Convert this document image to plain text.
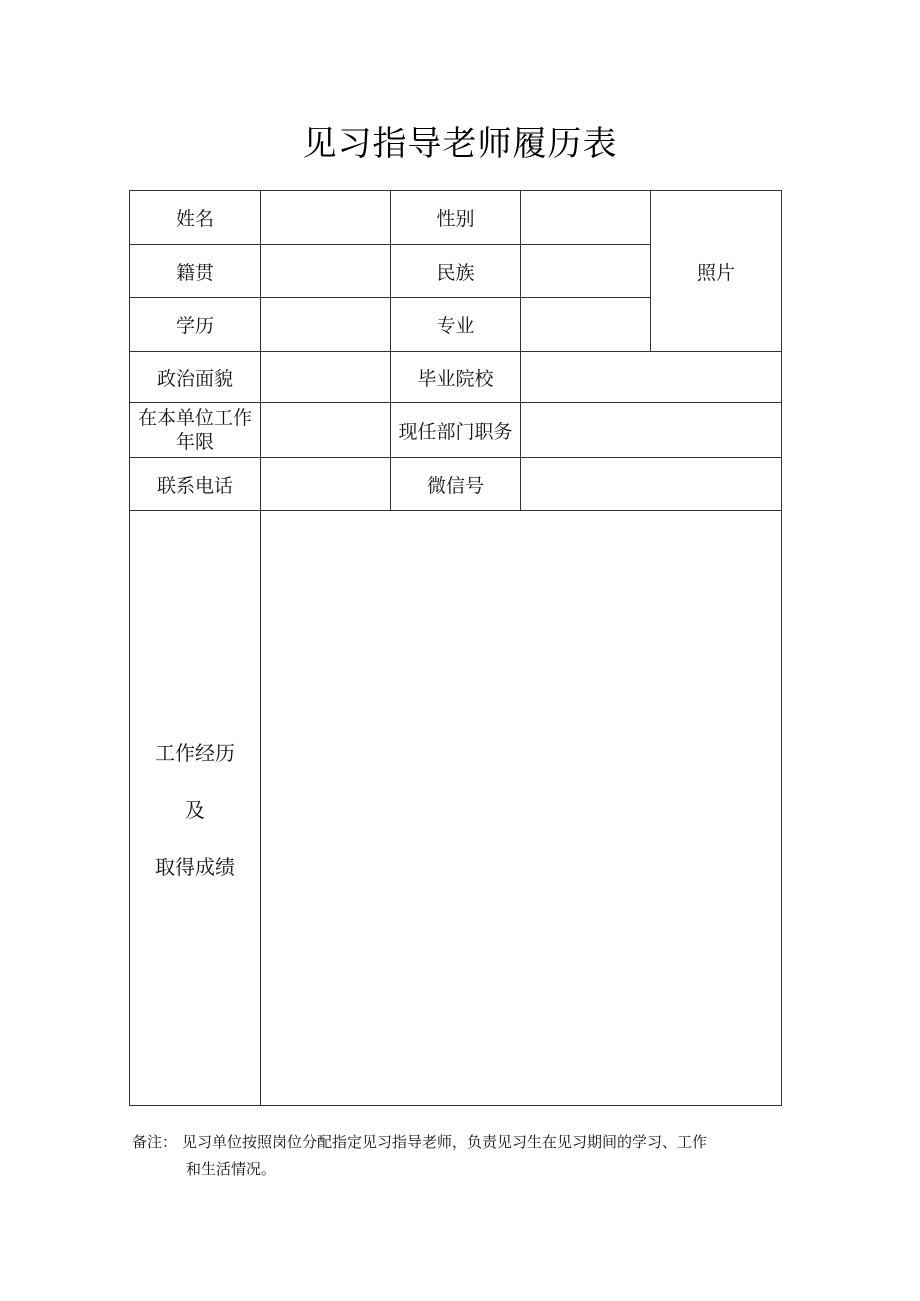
见习指导老师履历表
姓名		性别		照片
籍贯		民族		
学历		专业		
政治面貌		毕业院校		
在本单位工作年限		现任部门职务		
联系电话		微信号		

工作经历
及
取得成绩				

备注： 见习单位按照岗位分配指定见习指导老师，负责见习生在见习期间的学习、工作
和生活情况。
